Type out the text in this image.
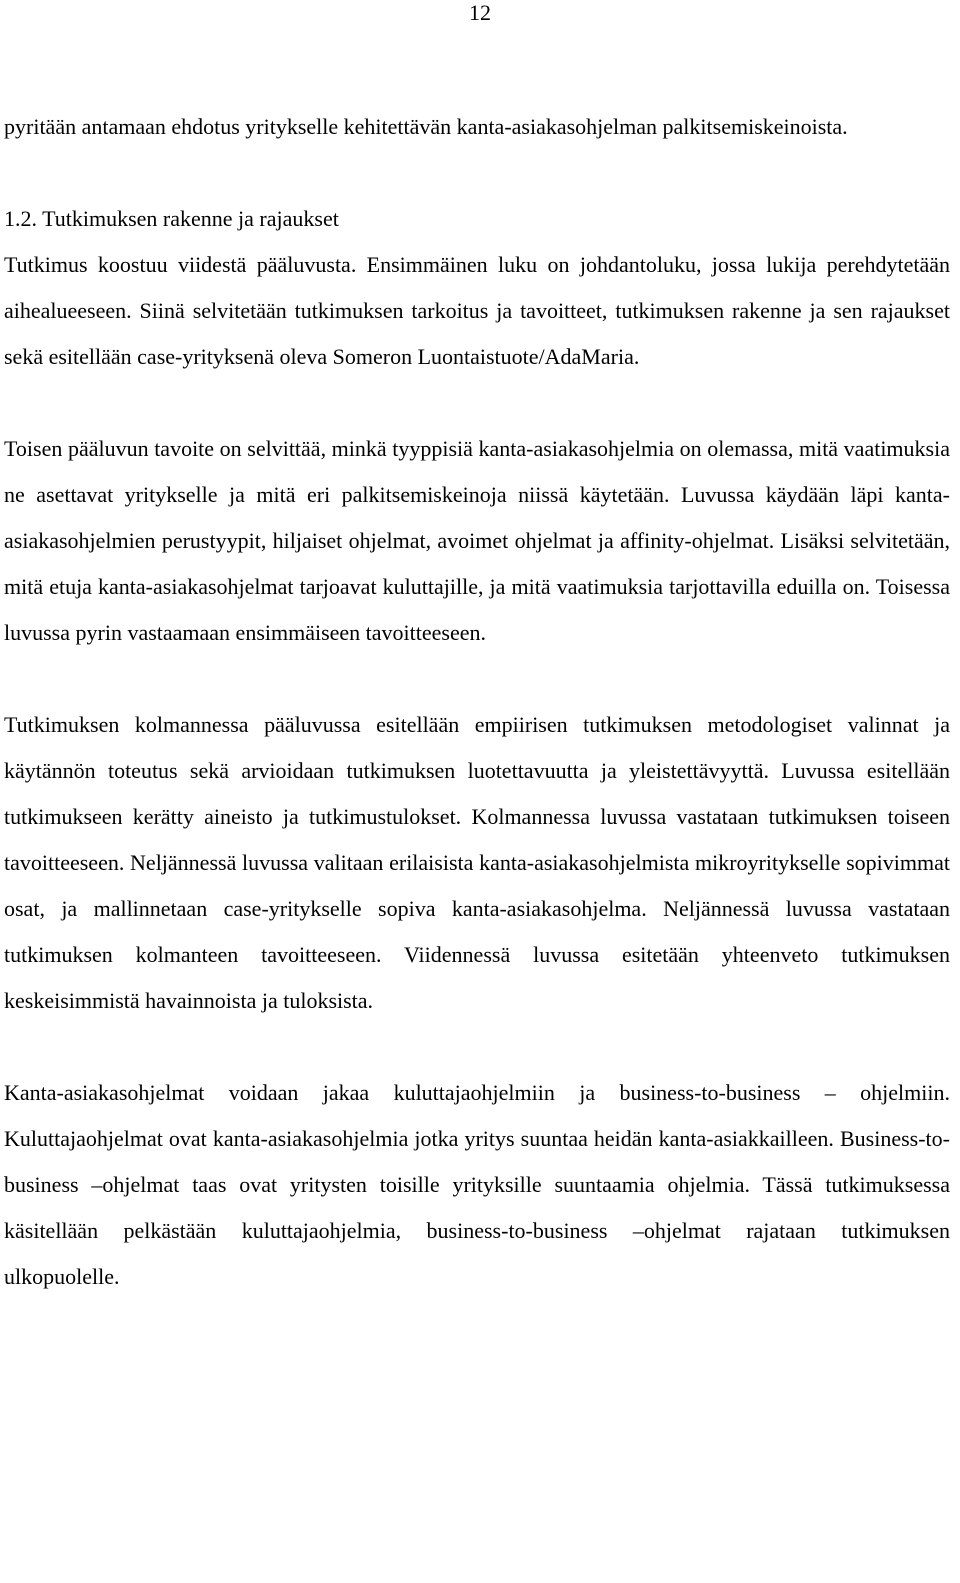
12

pyritään antamaan ehdotus yritykselle kehitettävän kanta-asiakasohjelman palkitsemiskeinoista.

1.2. Tutkimuksen rakenne ja rajaukset

Tutkimus koostuu viidestä pääluvusta. Ensimmäinen luku on johdantoluku, jossa lukija perehdytetään aihealueeseen. Siinä selvitetään tutkimuksen tarkoitus ja tavoitteet, tutkimuksen rakenne ja sen rajaukset sekä esitellään case-yrityksenä oleva Someron Luontaistuote/AdaMaria.

Toisen pääluvun tavoite on selvittää, minkä tyyppisiä kanta-asiakasohjelmia on olemassa, mitä vaatimuksia ne asettavat yritykselle ja mitä eri palkitsemiskeinoja niissä käytetään. Luvussa käydään läpi kanta-asiakasohjelmien perustyypit, hiljaiset ohjelmat, avoimet ohjelmat ja affinity-ohjelmat. Lisäksi selvitetään, mitä etuja kanta-asiakasohjelmat tarjoavat kuluttajille, ja mitä vaatimuksia tarjottavilla eduilla on. Toisessa luvussa pyrin vastaamaan ensimmäiseen tavoitteeseen.

Tutkimuksen kolmannessa pääluvussa esitellään empiirisen tutkimuksen metodologiset valinnat ja käytännön toteutus sekä arvioidaan tutkimuksen luotettavuutta ja yleistettävyyttä. Luvussa esitellään tutkimukseen kerätty aineisto ja tutkimustulokset. Kolmannessa luvussa vastataan tutkimuksen toiseen tavoitteeseen. Neljännessä luvussa valitaan erilaisista kanta-asiakasohjelmista mikroyritykselle sopivimmat osat, ja mallinnetaan case-yritykselle sopiva kanta-asiakasohjelma. Neljännessä luvussa vastataan tutkimuksen kolmanteen tavoitteeseen. Viidennessä luvussa esitetään yhteenveto tutkimuksen keskeisimmistä havainnoista ja tuloksista.

Kanta-asiakasohjelmat voidaan jakaa kuluttajaohjelmiin ja business-to-business – ohjelmiin. Kuluttajaohjelmat ovat kanta-asiakasohjelmia jotka yritys suuntaa heidän kanta-asiakkailleen. Business-to-business –ohjelmat taas ovat yritysten toisille yrityksille suuntaamia ohjelmia. Tässä tutkimuksessa käsitellään pelkästään kuluttajaohjelmia, business-to-business –ohjelmat rajataan tutkimuksen ulkopuolelle.
